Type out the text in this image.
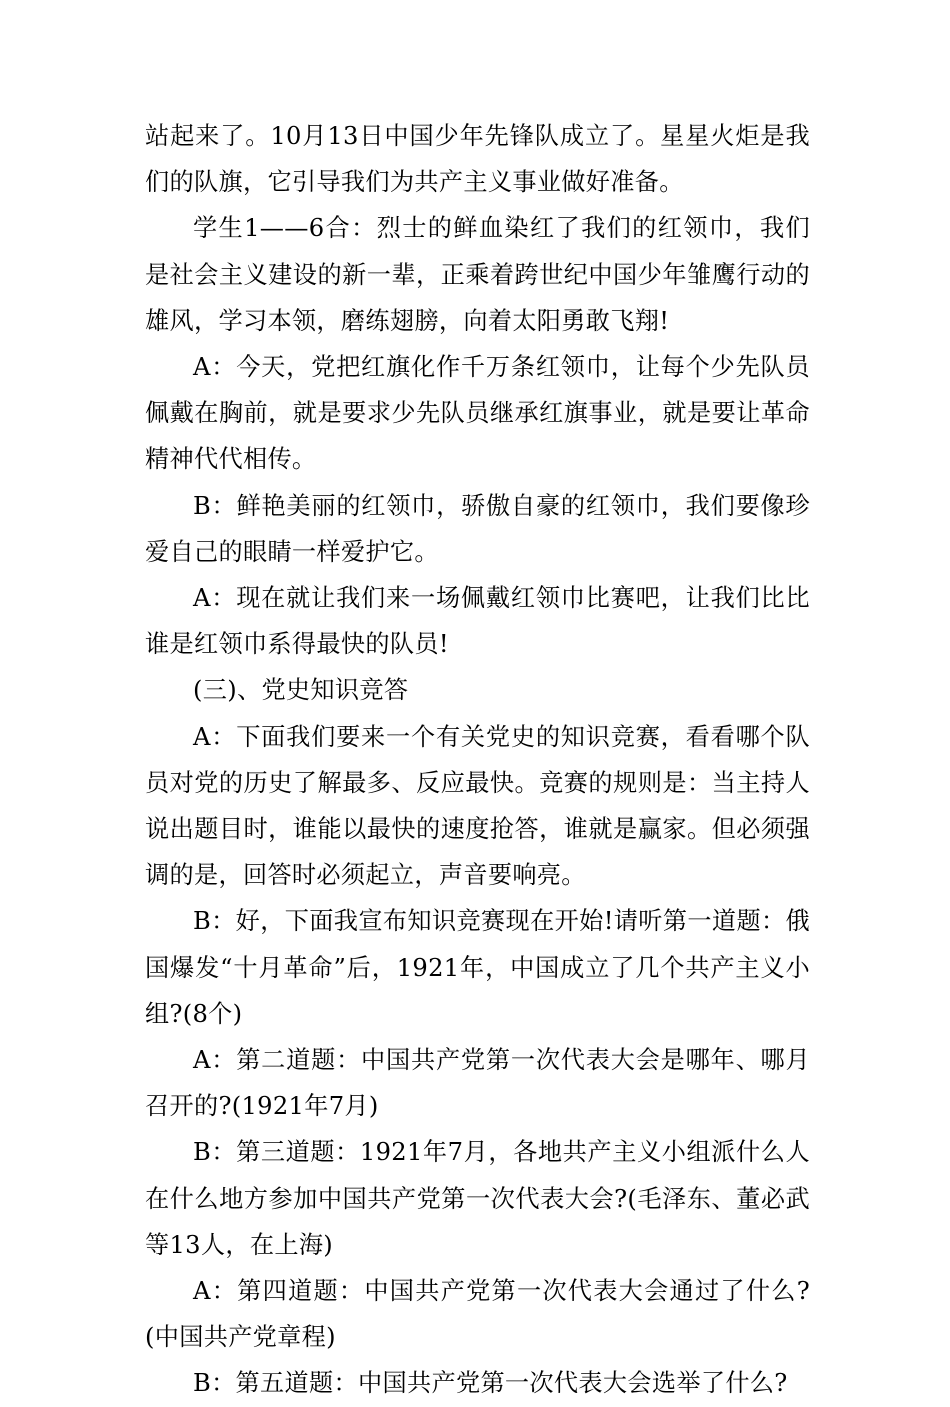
站起来了。10月13日中国少年先锋队成立了。星星火炬是我们的队旗，它引导我们为共产主义事业做好准备。

学生1——6合：烈士的鲜血染红了我们的红领巾，我们是社会主义建设的新一辈，正乘着跨世纪中国少年雏鹰行动的雄风，学习本领，磨练翅膀，向着太阳勇敢飞翔!

A：今天，党把红旗化作千万条红领巾，让每个少先队员佩戴在胸前，就是要求少先队员继承红旗事业，就是要让革命精神代代相传。

B：鲜艳美丽的红领巾，骄傲自豪的红领巾，我们要像珍爱自己的眼睛一样爱护它。

A：现在就让我们来一场佩戴红领巾比赛吧，让我们比比谁是红领巾系得最快的队员!

(三)、党史知识竞答

A：下面我们要来一个有关党史的知识竞赛，看看哪个队员对党的历史了解最多、反应最快。竞赛的规则是：当主持人说出题目时，谁能以最快的速度抢答，谁就是赢家。但必须强调的是，回答时必须起立，声音要响亮。

B：好，下面我宣布知识竞赛现在开始!请听第一道题：俄国爆发“十月革命”后，1921年，中国成立了几个共产主义小组?(8个)

A：第二道题：中国共产党第一次代表大会是哪年、哪月召开的?(1921年7月)

B：第三道题：1921年7月，各地共产主义小组派什么人在什么地方参加中国共产党第一次代表大会?(毛泽东、董必武等13人，在上海)

A：第四道题：中国共产党第一次代表大会通过了什么?(中国共产党章程)

B：第五道题：中国共产党第一次代表大会选举了什么?
